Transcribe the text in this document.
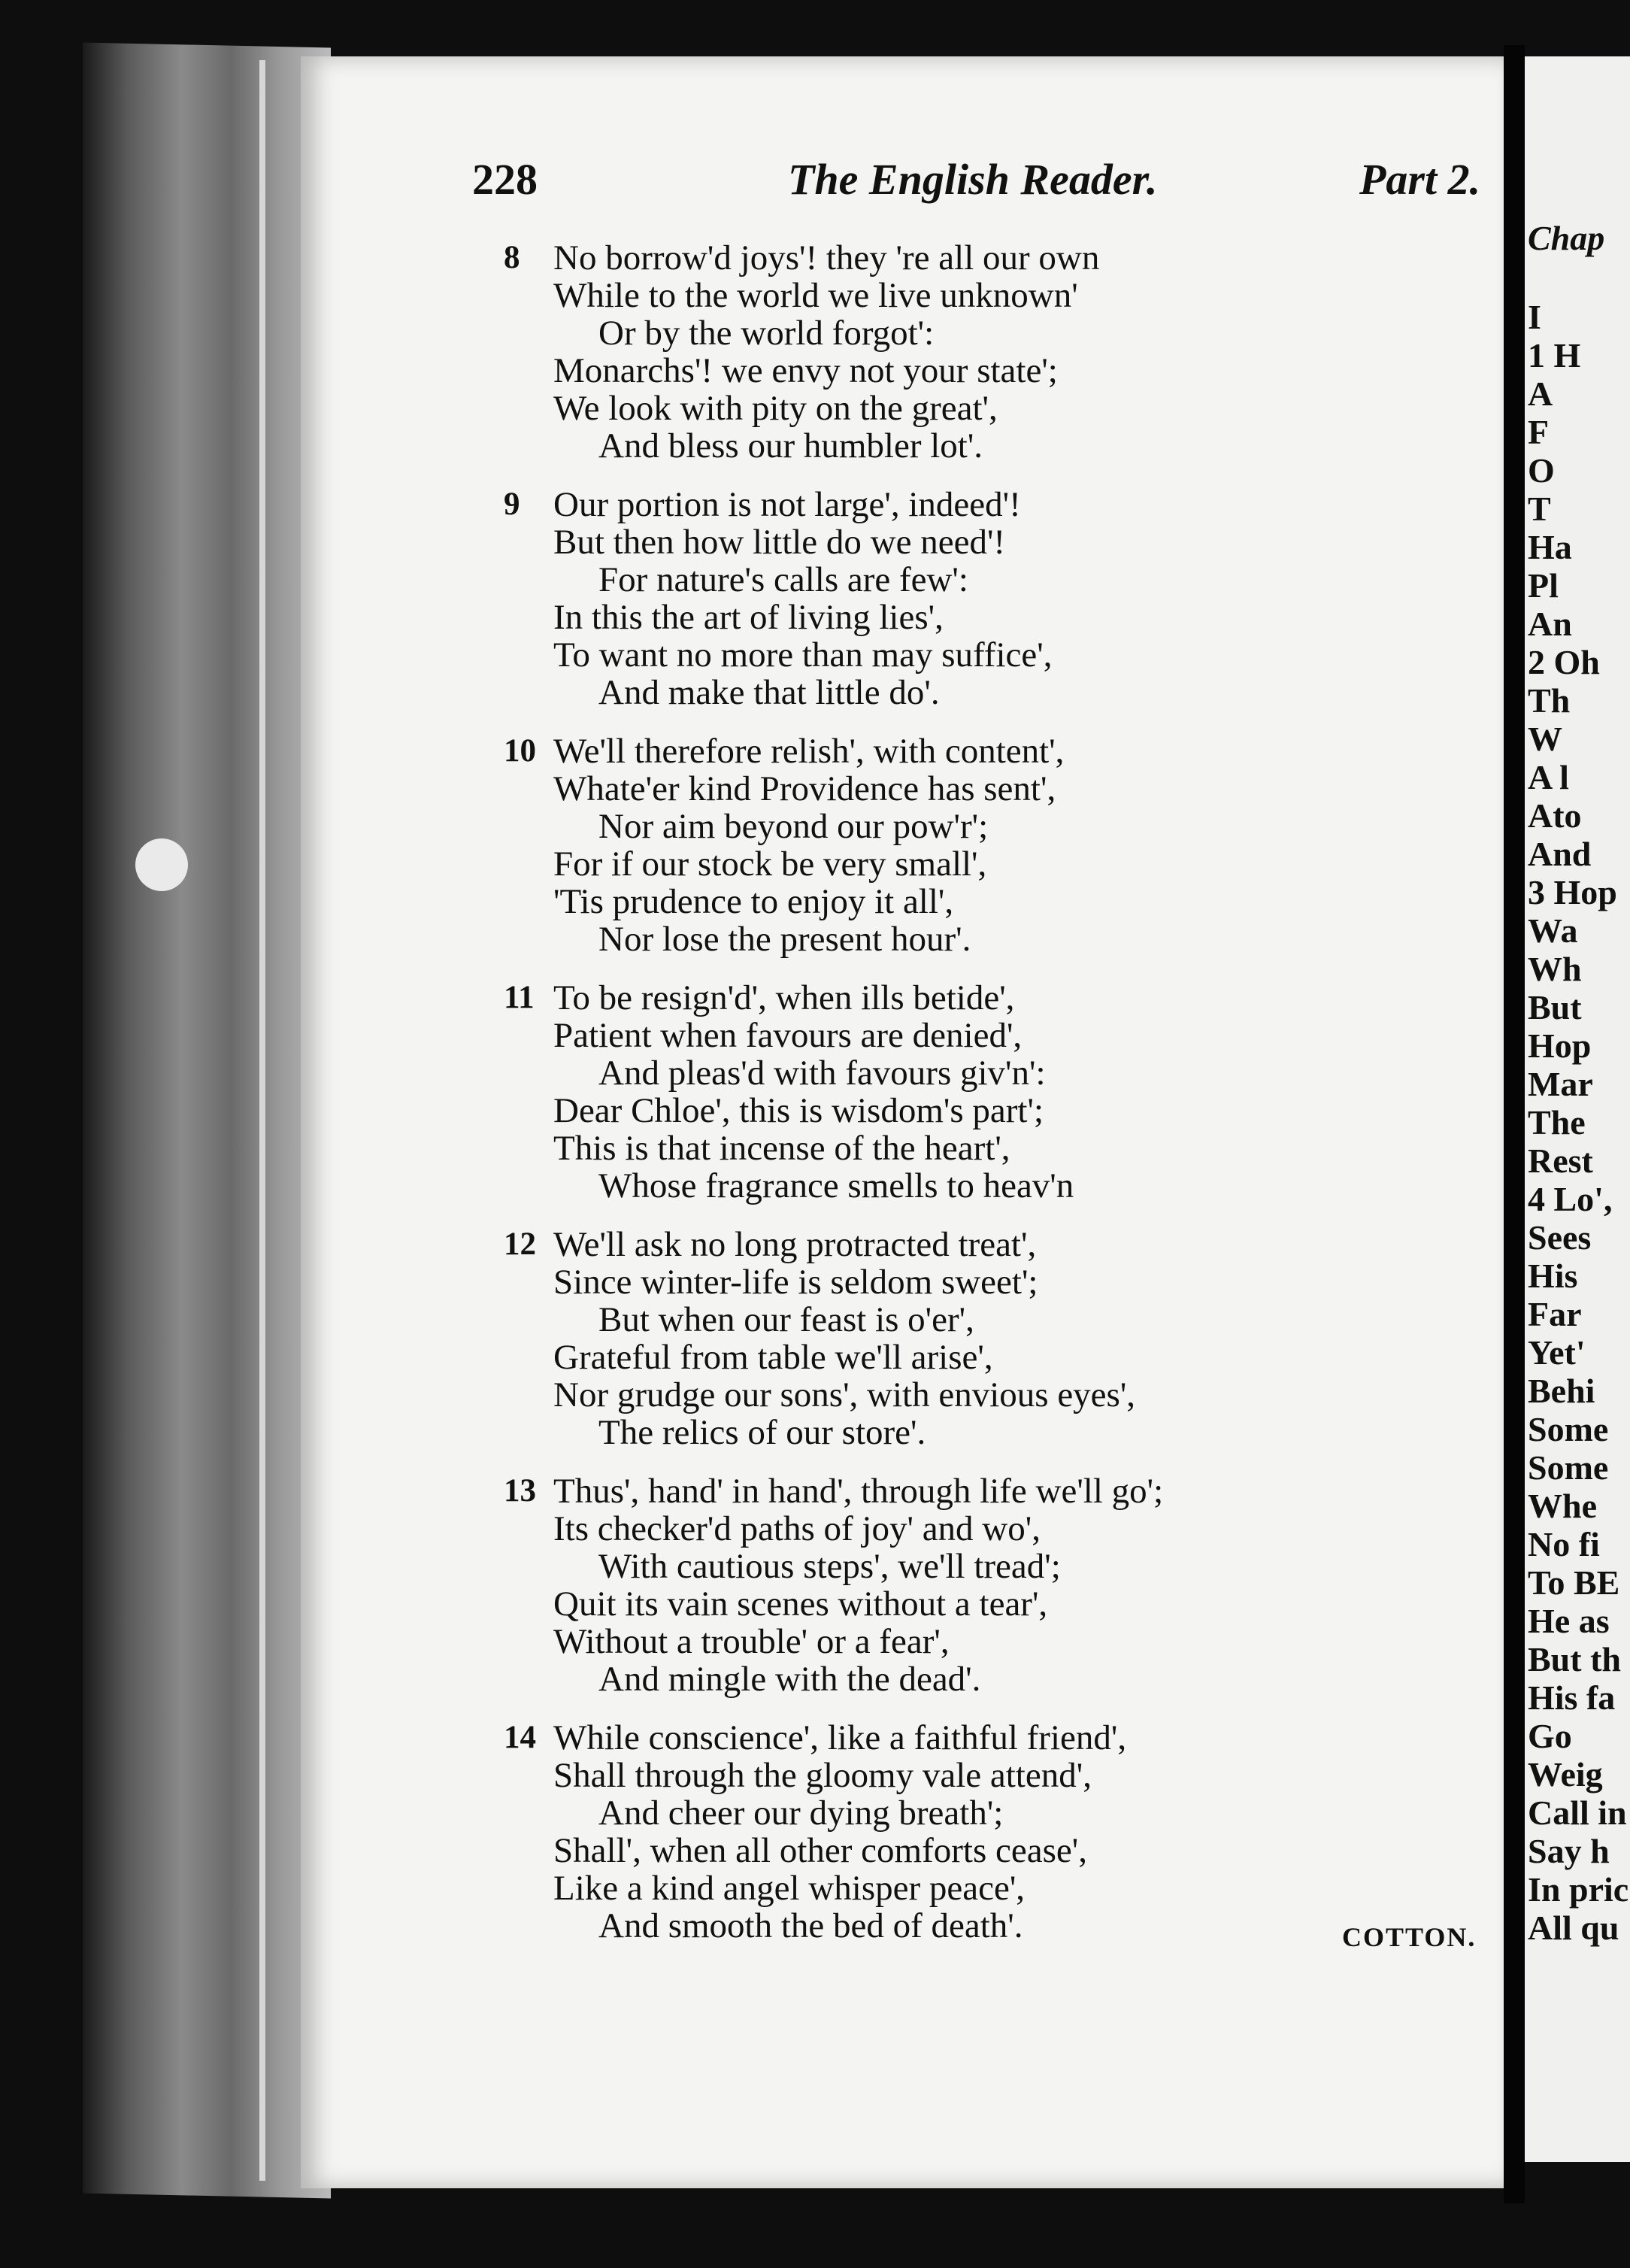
Chap
I
1 H
A
F
O
T
Ha
Pl
An
2 Oh
Th
W
A l
Ato
And
3 Hop
Wa
Wh
But
Hop
Mar
The
Rest
4 Lo',
Sees
His
Far
Yet'
Behi
Some
Some
Whe
No fi
To BE
He as
But th
His fa
Go
Weig
Call in
Say h
In pric
All qu
228	The English Reader.	Part 2.
8 No borrow'd joys'! they 're all our own
While to the world we live unknown'
Or by the world forgot':
Monarchs'! we envy not your state';
We look with pity on the great',
And bless our humbler lot'.
9 Our portion is not large', indeed'!
But then how little do we need'!
For nature's calls are few':
In this the art of living lies',
To want no more than may suffice',
And make that little do'.
10 We'll therefore relish', with content',
Whate'er kind Providence has sent',
Nor aim beyond our pow'r';
For if our stock be very small',
'Tis prudence to enjoy it all',
Nor lose the present hour'.
11 To be resign'd', when ills betide',
Patient when favours are denied',
And pleas'd with favours giv'n':
Dear Chloe', this is wisdom's part';
This is that incense of the heart',
Whose fragrance smells to heav'n
12 We'll ask no long protracted treat',
Since winter-life is seldom sweet';
But when our feast is o'er',
Grateful from table we'll arise',
Nor grudge our sons', with envious eyes',
The relics of our store'.
13 Thus', hand' in hand', through life we'll go';
Its checker'd paths of joy' and wo',
With cautious steps', we'll tread';
Quit its vain scenes without a tear',
Without a trouble' or a fear',
And mingle with the dead'.
14 While conscience', like a faithful friend',
Shall through the gloomy vale attend',
And cheer our dying breath';
Shall', when all other comforts cease',
Like a kind angel whisper peace',
And smooth the bed of death'.	COTTON.
